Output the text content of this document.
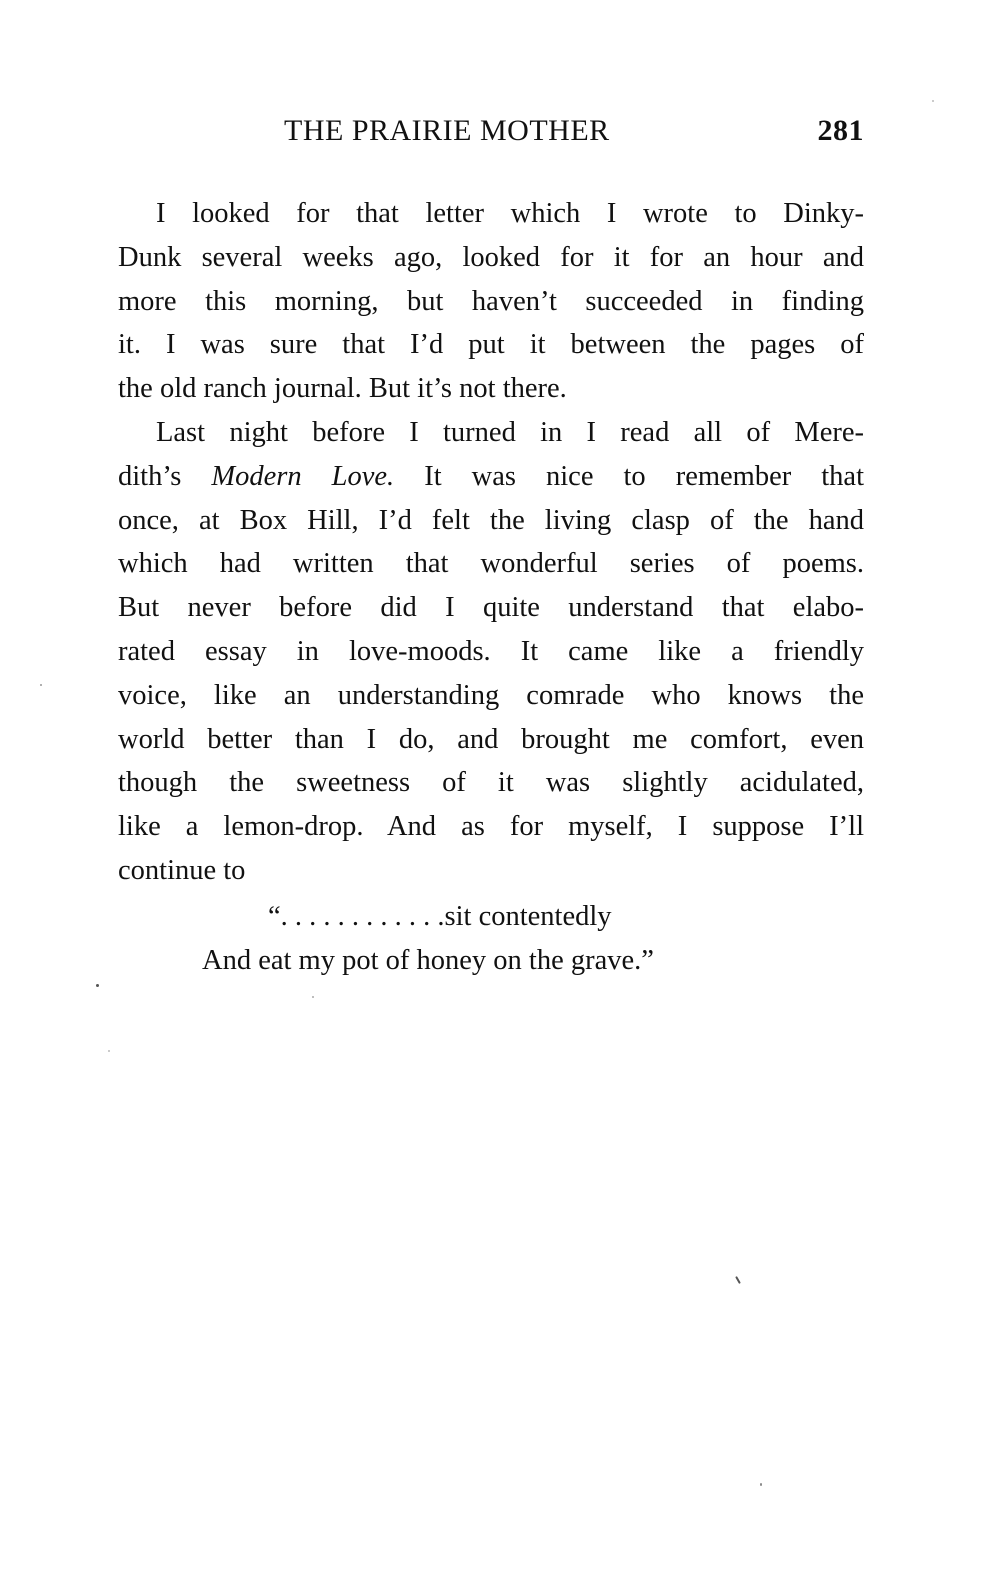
THE PRAIRIE MOTHER	281
I looked for that letter which I wrote to Dinky-
Dunk several weeks ago, looked for it for an hour and
more this morning, but haven’t succeeded in finding
it. I was sure that I’d put it between the pages of
the old ranch journal. But it’s not there.
Last night before I turned in I read all of Mere-
dith’s Modern Love. It was nice to remember that
once, at Box Hill, I’d felt the living clasp of the hand
which had written that wonderful series of poems.
But never before did I quite understand that elabo-
rated essay in love-moods. It came like a friendly
voice, like an understanding comrade who knows the
world better than I do, and brought me comfort, even
though the sweetness of it was slightly acidulated,
like a lemon-drop. And as for myself, I suppose I’ll
continue to
“. . . . . . . . . . . .sit contentedly
And eat my pot of honey on the grave.”
